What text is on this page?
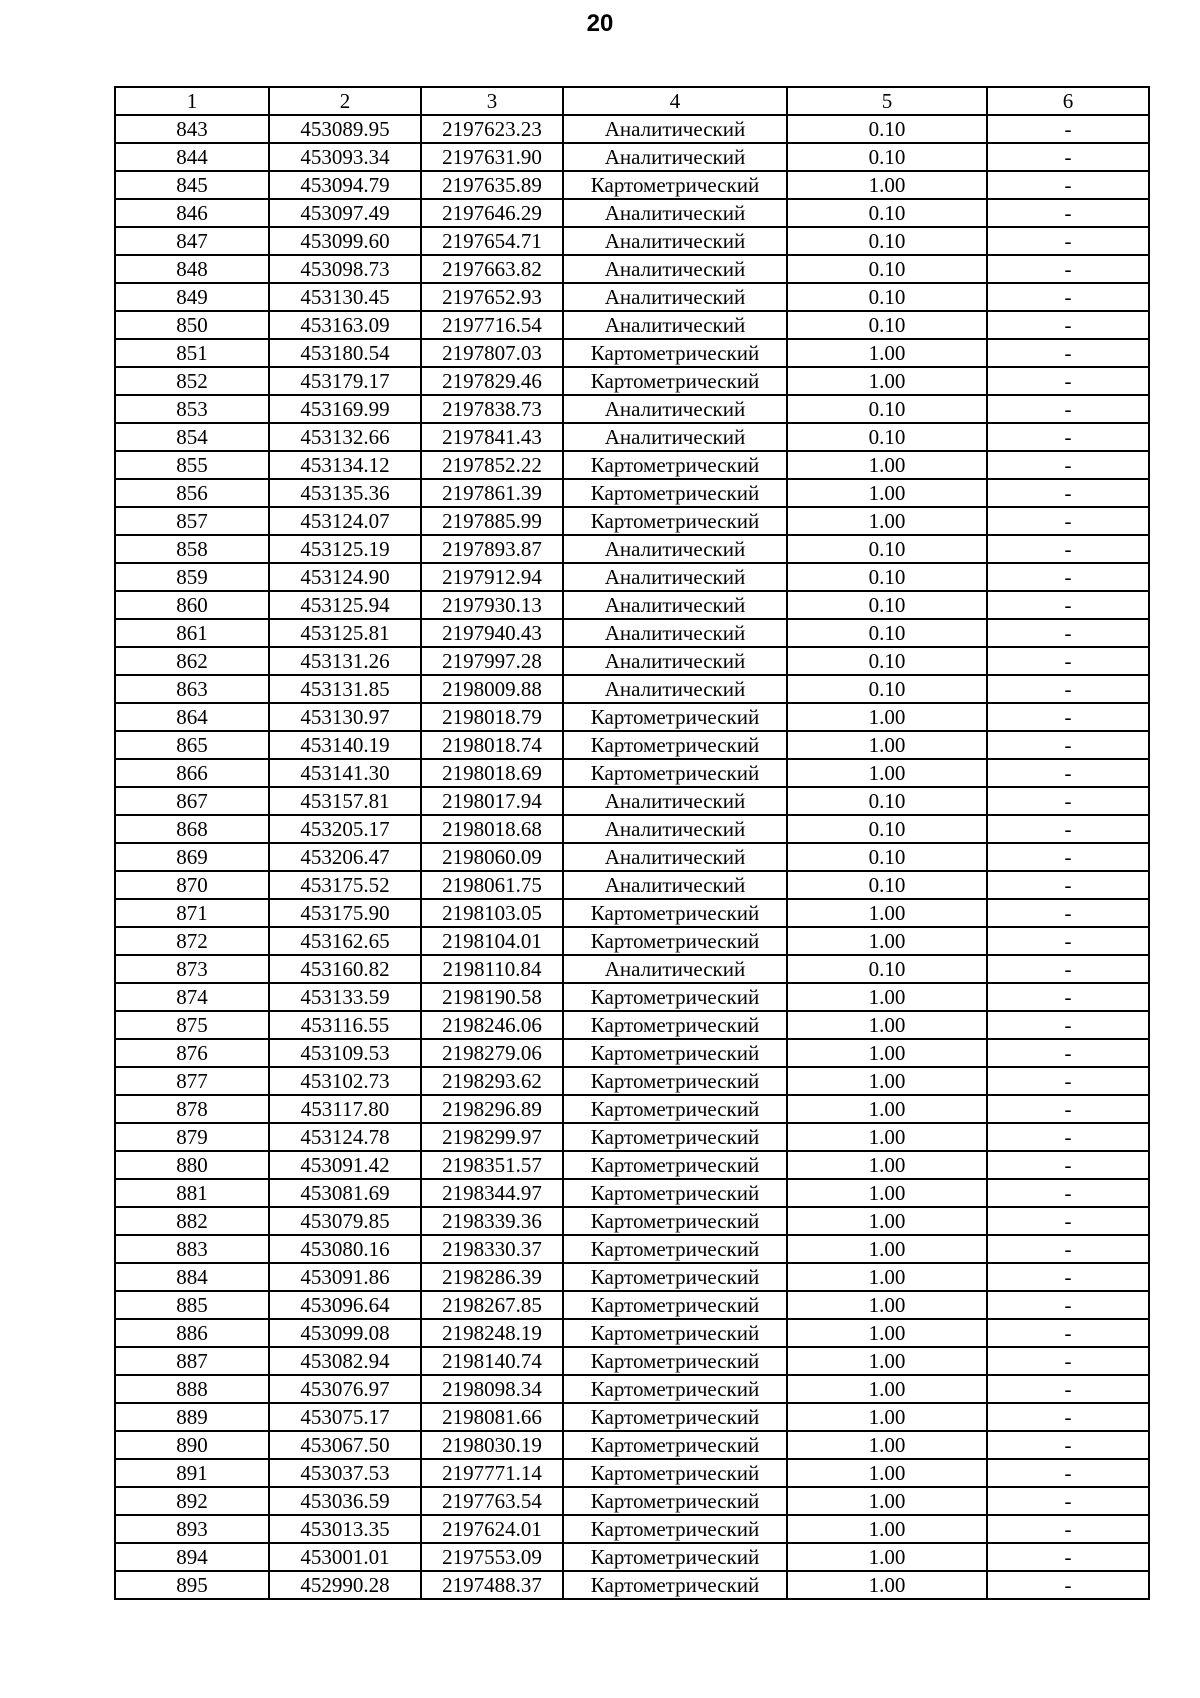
20
1	2	3	4	5	6
843	453089.95	2197623.23	Аналитический	0.10	-
844	453093.34	2197631.90	Аналитический	0.10	-
845	453094.79	2197635.89	Картометрический	1.00	-
846	453097.49	2197646.29	Аналитический	0.10	-
847	453099.60	2197654.71	Аналитический	0.10	-
848	453098.73	2197663.82	Аналитический	0.10	-
849	453130.45	2197652.93	Аналитический	0.10	-
850	453163.09	2197716.54	Аналитический	0.10	-
851	453180.54	2197807.03	Картометрический	1.00	-
852	453179.17	2197829.46	Картометрический	1.00	-
853	453169.99	2197838.73	Аналитический	0.10	-
854	453132.66	2197841.43	Аналитический	0.10	-
855	453134.12	2197852.22	Картометрический	1.00	-
856	453135.36	2197861.39	Картометрический	1.00	-
857	453124.07	2197885.99	Картометрический	1.00	-
858	453125.19	2197893.87	Аналитический	0.10	-
859	453124.90	2197912.94	Аналитический	0.10	-
860	453125.94	2197930.13	Аналитический	0.10	-
861	453125.81	2197940.43	Аналитический	0.10	-
862	453131.26	2197997.28	Аналитический	0.10	-
863	453131.85	2198009.88	Аналитический	0.10	-
864	453130.97	2198018.79	Картометрический	1.00	-
865	453140.19	2198018.74	Картометрический	1.00	-
866	453141.30	2198018.69	Картометрический	1.00	-
867	453157.81	2198017.94	Аналитический	0.10	-
868	453205.17	2198018.68	Аналитический	0.10	-
869	453206.47	2198060.09	Аналитический	0.10	-
870	453175.52	2198061.75	Аналитический	0.10	-
871	453175.90	2198103.05	Картометрический	1.00	-
872	453162.65	2198104.01	Картометрический	1.00	-
873	453160.82	2198110.84	Аналитический	0.10	-
874	453133.59	2198190.58	Картометрический	1.00	-
875	453116.55	2198246.06	Картометрический	1.00	-
876	453109.53	2198279.06	Картометрический	1.00	-
877	453102.73	2198293.62	Картометрический	1.00	-
878	453117.80	2198296.89	Картометрический	1.00	-
879	453124.78	2198299.97	Картометрический	1.00	-
880	453091.42	2198351.57	Картометрический	1.00	-
881	453081.69	2198344.97	Картометрический	1.00	-
882	453079.85	2198339.36	Картометрический	1.00	-
883	453080.16	2198330.37	Картометрический	1.00	-
884	453091.86	2198286.39	Картометрический	1.00	-
885	453096.64	2198267.85	Картометрический	1.00	-
886	453099.08	2198248.19	Картометрический	1.00	-
887	453082.94	2198140.74	Картометрический	1.00	-
888	453076.97	2198098.34	Картометрический	1.00	-
889	453075.17	2198081.66	Картометрический	1.00	-
890	453067.50	2198030.19	Картометрический	1.00	-
891	453037.53	2197771.14	Картометрический	1.00	-
892	453036.59	2197763.54	Картометрический	1.00	-
893	453013.35	2197624.01	Картометрический	1.00	-
894	453001.01	2197553.09	Картометрический	1.00	-
895	452990.28	2197488.37	Картометрический	1.00	-
